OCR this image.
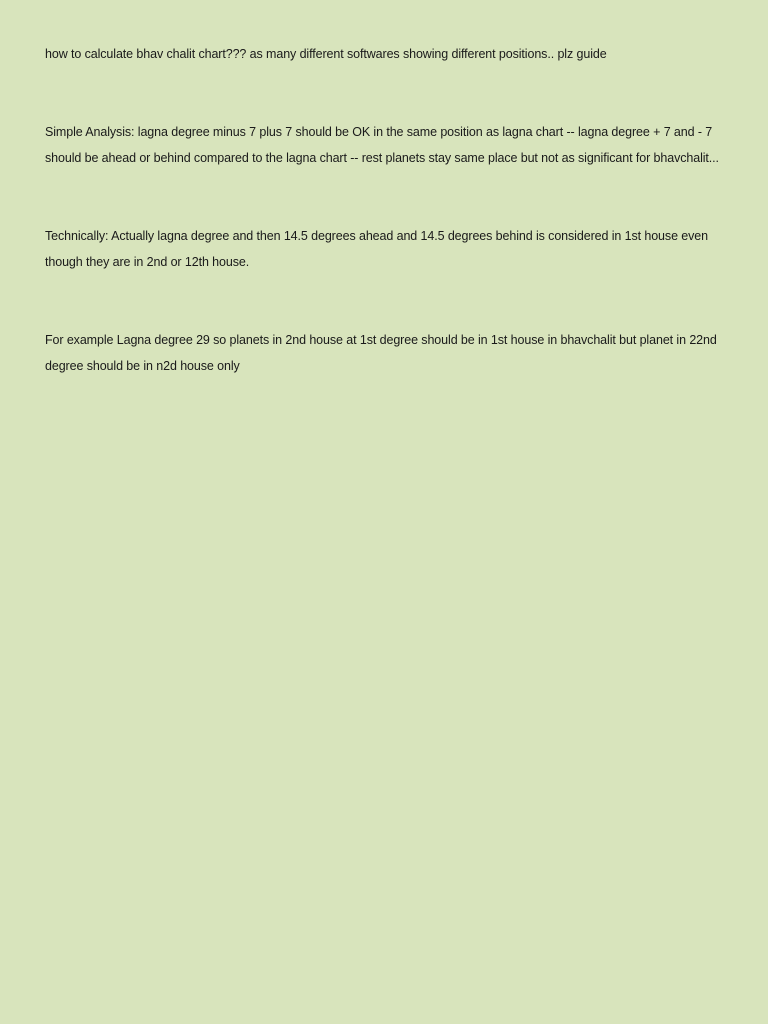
how to calculate bhav chalit chart??? as many different softwares showing different positions.. plz guide

Simple Analysis: lagna degree minus 7 plus 7 should be OK in the same position as lagna chart -- lagna degree + 7 and - 7 should be ahead or behind compared to the lagna chart -- rest planets stay same place but not as significant for bhavchalit...

Technically: Actually lagna degree and then 14.5 degrees ahead and 14.5 degrees behind is considered in 1st house even though they are in 2nd or 12th house.

For example Lagna degree 29 so planets in 2nd house at 1st degree should be in 1st house in bhavchalit but planet in 22nd degree should be in n2d house only
